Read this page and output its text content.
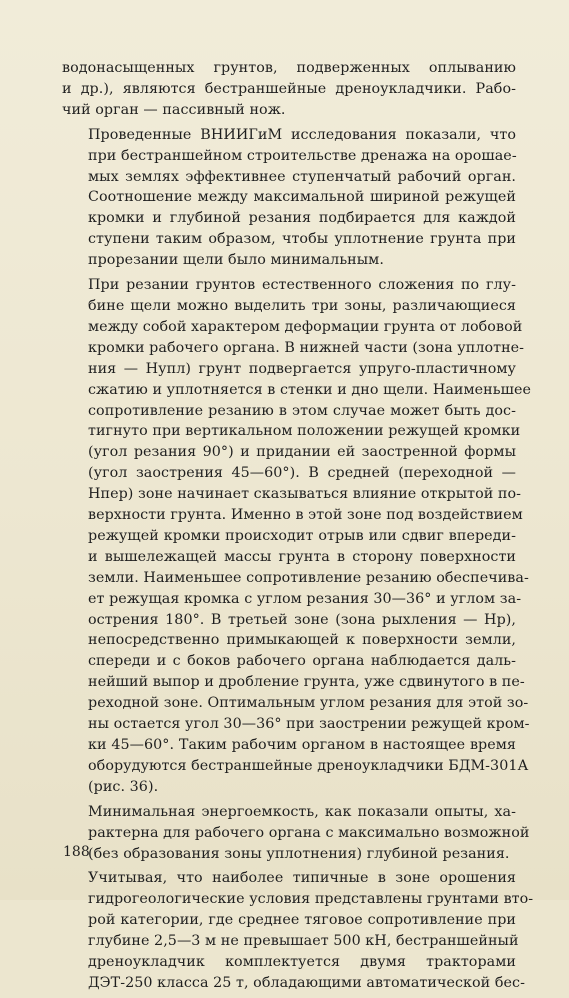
водонасыщенных грунтов, подверженных оплыванию
и др.), являются бестраншейные дреноукладчики. Рабо-
чий орган — пассивный нож.

Проведенные ВНИИГиМ исследования показали, что
при бестраншейном строительстве дренажа на орошае-
мых землях эффективнее ступенчатый рабочий орган.
Соотношение между максимальной шириной режущей
кромки и глубиной резания подбирается для каждой
ступени таким образом, чтобы уплотнение грунта при
прорезании щели было минимальным.

При резании грунтов естественного сложения по глу-
бине щели можно выделить три зоны, различающиеся
между собой характером деформации грунта от лобовой
кромки рабочего органа. В нижней части (зона уплотне-
ния — Hупл) грунт подвергается упруго-пластичному
сжатию и уплотняется в стенки и дно щели. Наименьшее
сопротивление резанию в этом случае может быть дос-
тигнуто при вертикальном положении режущей кромки
(угол резания 90°) и придании ей заостренной формы
(угол заострения 45—60°). В средней (переходной —
Hпер) зоне начинает сказываться влияние открытой по-
верхности грунта. Именно в этой зоне под воздействием
режущей кромки происходит отрыв или сдвиг впереди-
и вышележащей массы грунта в сторону поверхности
земли. Наименьшее сопротивление резанию обеспечива-
ет режущая кромка с углом резания 30—36° и углом за-
острения 180°. В третьей зоне (зона рыхления — Hр),
непосредственно примыкающей к поверхности земли,
спереди и с боков рабочего органа наблюдается даль-
нейший выпор и дробление грунта, уже сдвинутого в пе-
реходной зоне. Оптимальным углом резания для этой зо-
ны остается угол 30—36° при заострении режущей кром-
ки 45—60°. Таким рабочим органом в настоящее время
оборудуются бестраншейные дреноукладчики БДМ-301А
(рис. 36).

Минимальная энергоемкость, как показали опыты, ха-
рактерна для рабочего органа с максимально возможной
(без образования зоны уплотнения) глубиной резания.

Учитывая, что наиболее типичные в зоне орошения
гидрогеологические условия представлены грунтами вто-
рой категории, где среднее тяговое сопротивление при
глубине 2,5—3 м не превышает 500 кН, бестраншейный
дреноукладчик комплектуется двумя тракторами
ДЭТ-250 класса 25 т, обладающими автоматической бес-

188
